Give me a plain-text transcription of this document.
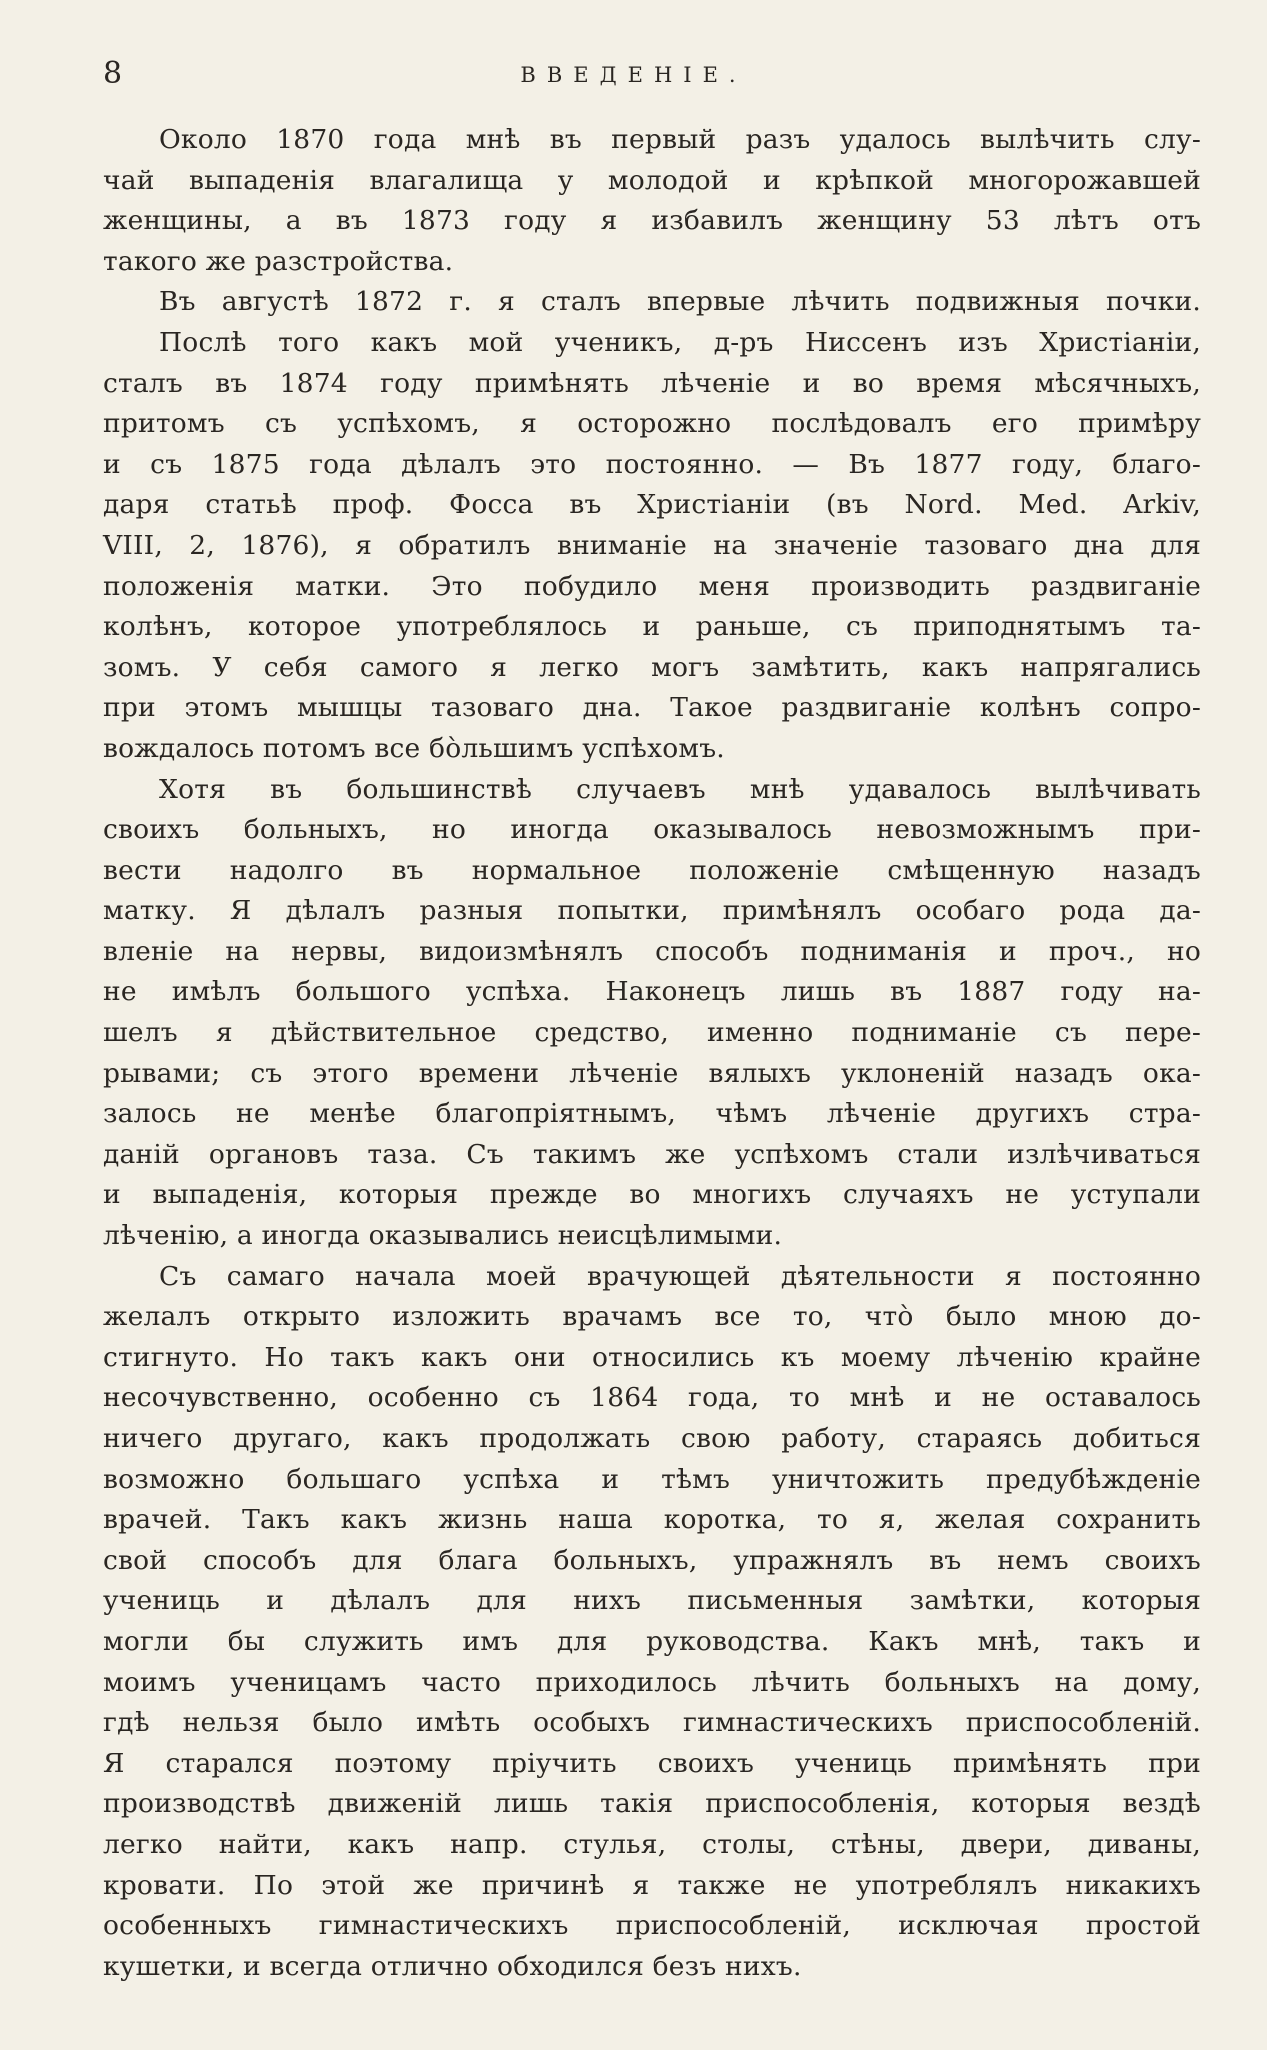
8	ВВЕДЕНІЕ.
Около 1870 года мнѣ въ первый разъ удалось вылѣчить слу-
чай выпаденія влагалища у молодой и крѣпкой многорожавшей
женщины, а въ 1873 году я избавилъ женщину 53 лѣтъ отъ
такого же разстройства.
Въ августѣ 1872 г. я сталъ впервые лѣчить подвижныя почки.
Послѣ того какъ мой ученикъ, д-ръ Ниссенъ изъ Христіаніи,
сталъ въ 1874 году примѣнять лѣченіе и во время мѣсячныхъ,
притомъ съ успѣхомъ, я осторожно послѣдовалъ его примѣру
и съ 1875 года дѣлалъ это постоянно. — Въ 1877 году, благо-
даря статьѣ проф. Фосса въ Христіаніи (въ Nord. Med. Arkiv,
VIII, 2, 1876), я обратилъ вниманіе на значеніе тазоваго дна для
положенія матки. Это побудило меня производить раздвиганіе
колѣнъ, которое употреблялось и раньше, съ приподнятымъ та-
зомъ. У себя самого я легко могъ замѣтить, какъ напрягались
при этомъ мышцы тазоваго дна. Такое раздвиганіе колѣнъ сопро-
вождалось потомъ все бо̀льшимъ успѣхомъ.
Хотя въ большинствѣ случаевъ мнѣ удавалось вылѣчивать
своихъ больныхъ, но иногда оказывалось невозможнымъ при-
вести надолго въ нормальное положеніе смѣщенную назадъ
матку. Я дѣлалъ разныя попытки, примѣнялъ особаго рода да-
вленіе на нервы, видоизмѣнялъ способъ подниманія и проч., но
не имѣлъ большого успѣха. Наконецъ лишь въ 1887 году на-
шелъ я дѣйствительное средство, именно подниманіе съ пере-
рывами; съ этого времени лѣченіе вялыхъ уклоненій назадъ ока-
залось не менѣе благопріятнымъ, чѣмъ лѣченіе другихъ стра-
даній органовъ таза. Съ такимъ же успѣхомъ стали излѣчиваться
и выпаденія, которыя прежде во многихъ случаяхъ не уступали
лѣченію, а иногда оказывались неисцѣлимыми.
Съ самаго начала моей врачующей дѣятельности я постоянно
желалъ открыто изложить врачамъ все то, что̀ было мною до-
стигнуто. Но такъ какъ они относились къ моему лѣченію крайне
несочувственно, особенно съ 1864 года, то мнѣ и не оставалось
ничего другаго, какъ продолжать свою работу, стараясь добиться
возможно большаго успѣха и тѣмъ уничтожить предубѣжденіе
врачей. Такъ какъ жизнь наша коротка, то я, желая сохранить
свой способъ для блага больныхъ, упражнялъ въ немъ своихъ
учениць и дѣлалъ для нихъ письменныя замѣтки, которыя
могли бы служить имъ для руководства. Какъ мнѣ, такъ и
моимъ ученицамъ часто приходилось лѣчить больныхъ на дому,
гдѣ нельзя было имѣть особыхъ гимнастическихъ приспособленій.
Я старался поэтому пріучить своихъ учениць примѣнять при
производствѣ движеній лишь такія приспособленія, которыя вездѣ
легко найти, какъ напр. стулья, столы, стѣны, двери, диваны,
кровати. По этой же причинѣ я также не употреблялъ никакихъ
особенныхъ гимнастическихъ приспособленій, исключая простой
кушетки, и всегда отлично обходился безъ нихъ.
